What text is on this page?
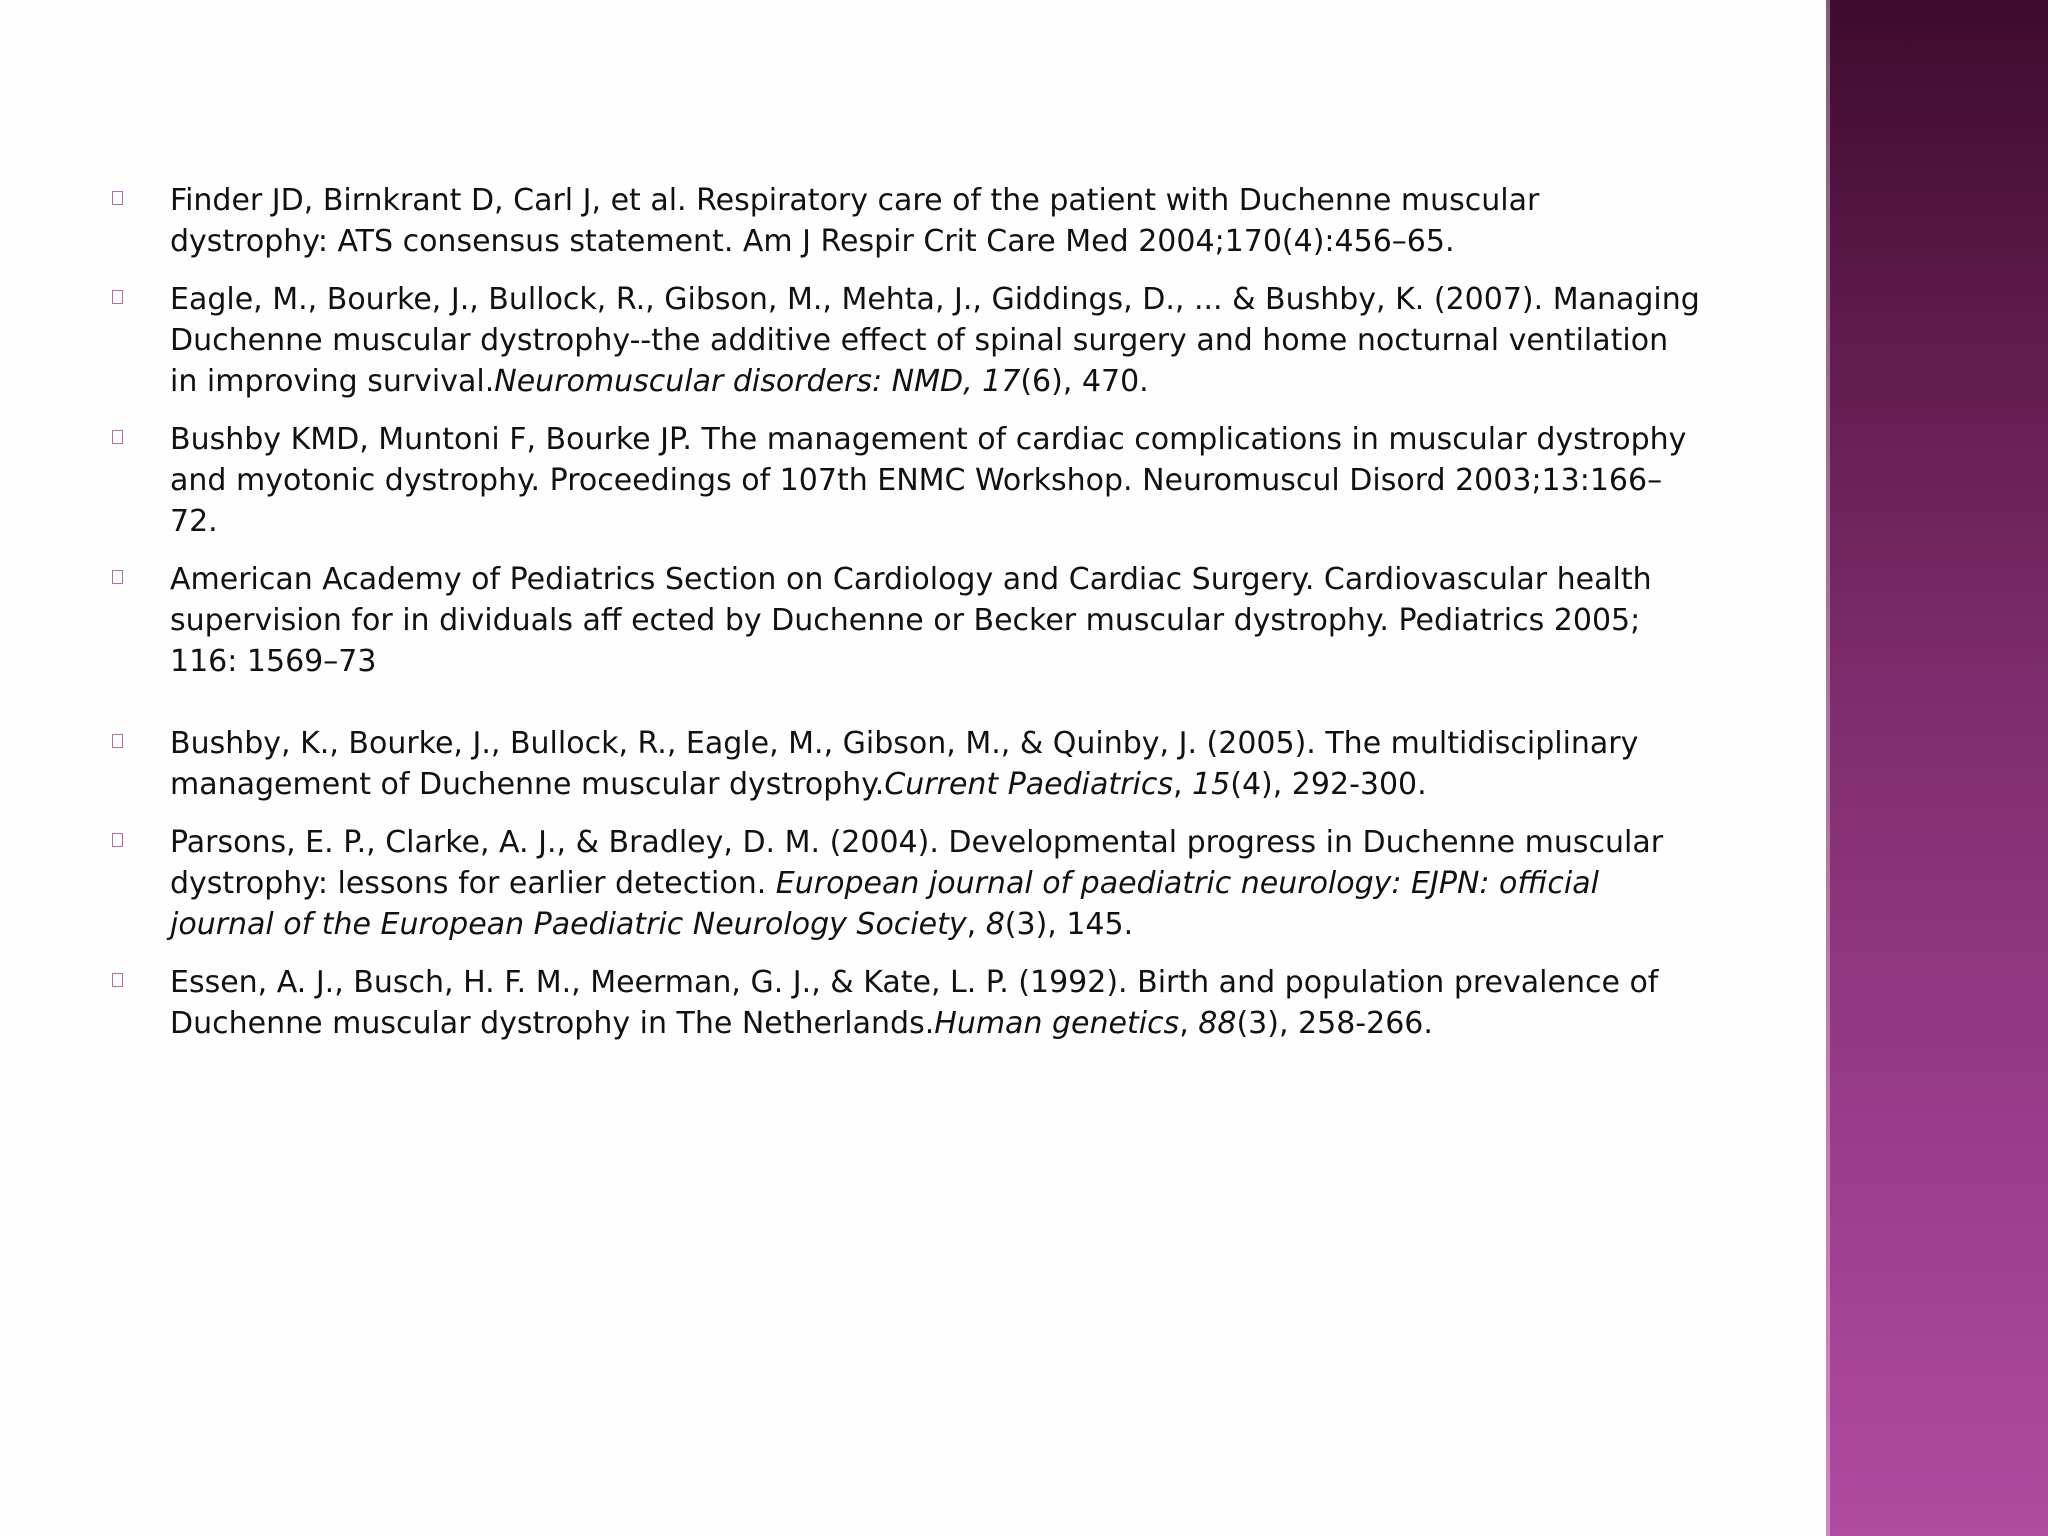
Finder JD, Birnkrant D, Carl J, et al. Respiratory care of the patient with Duchenne muscular dystrophy: ATS consensus statement. Am J Respir Crit Care Med 2004;170(4):456–65.
Eagle, M., Bourke, J., Bullock, R., Gibson, M., Mehta, J., Giddings, D., ... & Bushby, K. (2007). Managing Duchenne muscular dystrophy--the additive effect of spinal surgery and home nocturnal ventilation in improving survival.Neuromuscular disorders: NMD, 17(6), 470.
Bushby KMD, Muntoni F, Bourke JP. The management of cardiac complications in muscular dystrophy and myotonic dystrophy. Proceedings of 107th ENMC Workshop. Neuromuscul Disord 2003;13:166–72.
American Academy of Pediatrics Section on Cardiology and Cardiac Surgery. Cardiovascular health supervision for in dividuals aff ected by Duchenne or Becker muscular dystrophy. Pediatrics 2005; 116: 1569–73
Bushby, K., Bourke, J., Bullock, R., Eagle, M., Gibson, M., & Quinby, J. (2005). The multidisciplinary management of Duchenne muscular dystrophy.Current Paediatrics, 15(4), 292-300.
Parsons, E. P., Clarke, A. J., & Bradley, D. M. (2004). Developmental progress in Duchenne muscular dystrophy: lessons for earlier detection. European journal of paediatric neurology: EJPN: official journal of the European Paediatric Neurology Society, 8(3), 145.
Essen, A. J., Busch, H. F. M., Meerman, G. J., & Kate, L. P. (1992). Birth and population prevalence of Duchenne muscular dystrophy in The Netherlands.Human genetics, 88(3), 258-266.
